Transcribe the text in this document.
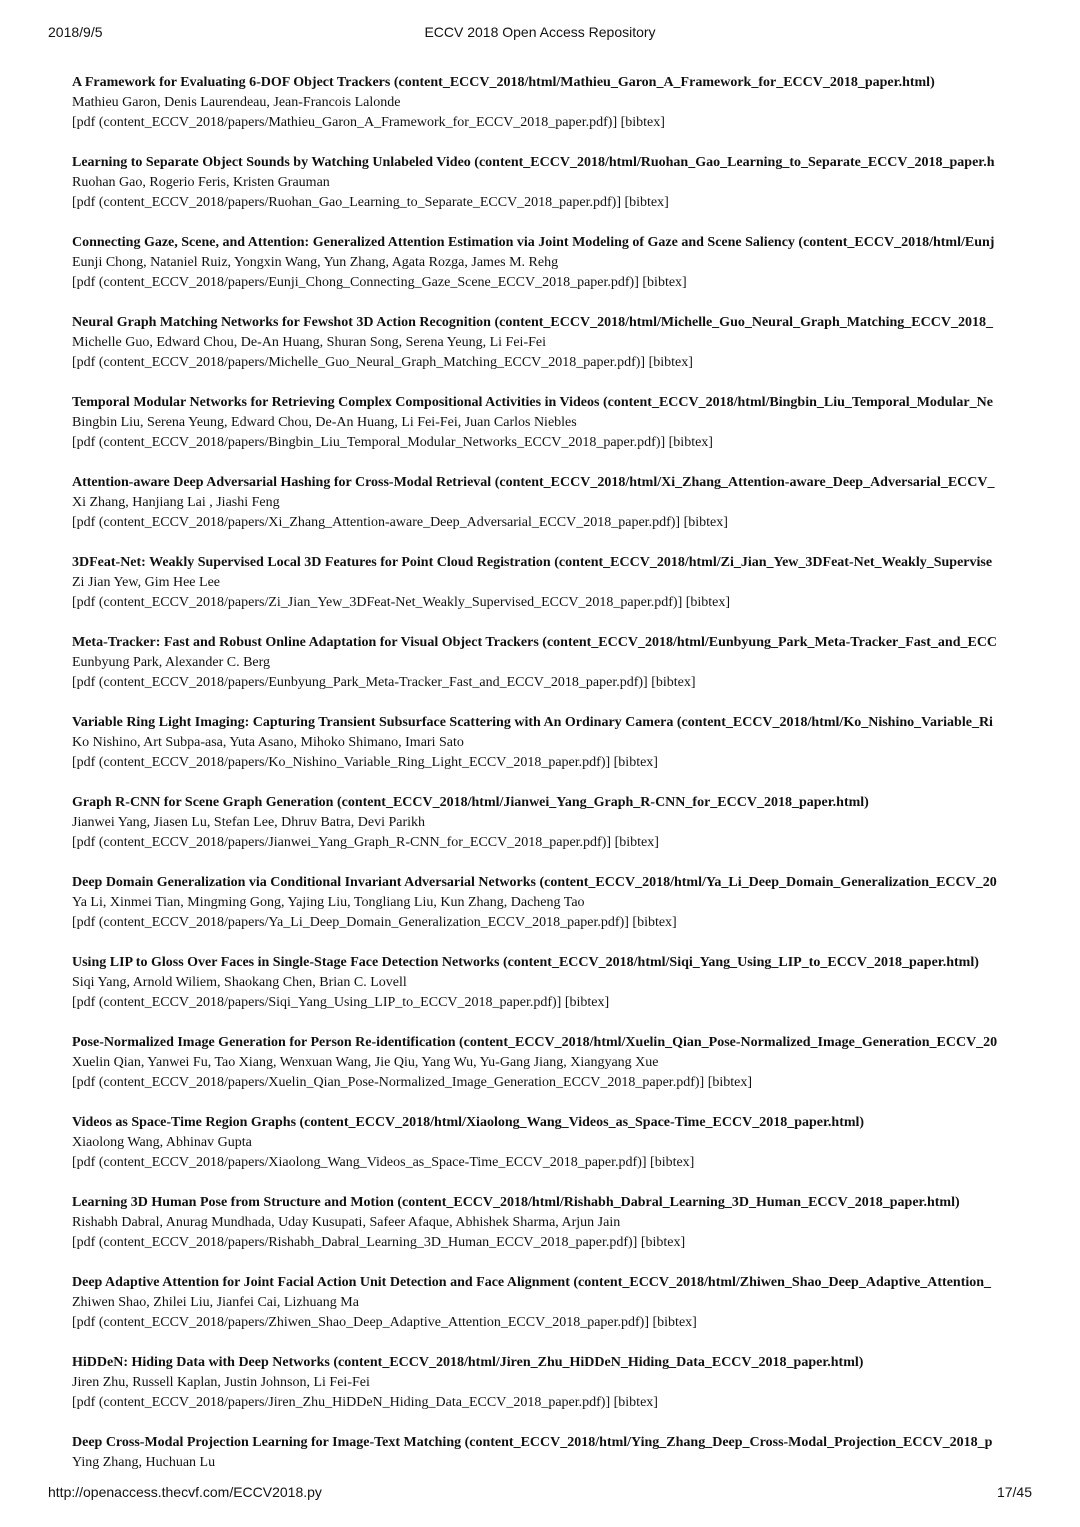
2018/9/5	ECCV 2018 Open Access Repository
A Framework for Evaluating 6-DOF Object Trackers (content_ECCV_2018/html/Mathieu_Garon_A_Framework_for_ECCV_2018_paper.html)
Mathieu Garon, Denis Laurendeau, Jean-Francois Lalonde
[pdf (content_ECCV_2018/papers/Mathieu_Garon_A_Framework_for_ECCV_2018_paper.pdf)] [bibtex]
Learning to Separate Object Sounds by Watching Unlabeled Video (content_ECCV_2018/html/Ruohan_Gao_Learning_to_Separate_ECCV_2018_paper.h
Ruohan Gao, Rogerio Feris, Kristen Grauman
[pdf (content_ECCV_2018/papers/Ruohan_Gao_Learning_to_Separate_ECCV_2018_paper.pdf)] [bibtex]
Connecting Gaze, Scene, and Attention: Generalized Attention Estimation via Joint Modeling of Gaze and Scene Saliency (content_ECCV_2018/html/Eunj
Eunji Chong, Nataniel Ruiz, Yongxin Wang, Yun Zhang, Agata Rozga, James M. Rehg
[pdf (content_ECCV_2018/papers/Eunji_Chong_Connecting_Gaze_Scene_ECCV_2018_paper.pdf)] [bibtex]
Neural Graph Matching Networks for Fewshot 3D Action Recognition (content_ECCV_2018/html/Michelle_Guo_Neural_Graph_Matching_ECCV_2018_
Michelle Guo, Edward Chou, De-An Huang, Shuran Song, Serena Yeung, Li Fei-Fei
[pdf (content_ECCV_2018/papers/Michelle_Guo_Neural_Graph_Matching_ECCV_2018_paper.pdf)] [bibtex]
Temporal Modular Networks for Retrieving Complex Compositional Activities in Videos (content_ECCV_2018/html/Bingbin_Liu_Temporal_Modular_Ne
Bingbin Liu, Serena Yeung, Edward Chou, De-An Huang, Li Fei-Fei, Juan Carlos Niebles
[pdf (content_ECCV_2018/papers/Bingbin_Liu_Temporal_Modular_Networks_ECCV_2018_paper.pdf)] [bibtex]
Attention-aware Deep Adversarial Hashing for Cross-Modal Retrieval (content_ECCV_2018/html/Xi_Zhang_Attention-aware_Deep_Adversarial_ECCV_
Xi Zhang, Hanjiang Lai , Jiashi Feng
[pdf (content_ECCV_2018/papers/Xi_Zhang_Attention-aware_Deep_Adversarial_ECCV_2018_paper.pdf)] [bibtex]
3DFeat-Net: Weakly Supervised Local 3D Features for Point Cloud Registration (content_ECCV_2018/html/Zi_Jian_Yew_3DFeat-Net_Weakly_Supervise
Zi Jian Yew, Gim Hee Lee
[pdf (content_ECCV_2018/papers/Zi_Jian_Yew_3DFeat-Net_Weakly_Supervised_ECCV_2018_paper.pdf)] [bibtex]
Meta-Tracker: Fast and Robust Online Adaptation for Visual Object Trackers (content_ECCV_2018/html/Eunbyung_Park_Meta-Tracker_Fast_and_ECC
Eunbyung Park, Alexander C. Berg
[pdf (content_ECCV_2018/papers/Eunbyung_Park_Meta-Tracker_Fast_and_ECCV_2018_paper.pdf)] [bibtex]
Variable Ring Light Imaging: Capturing Transient Subsurface Scattering with An Ordinary Camera (content_ECCV_2018/html/Ko_Nishino_Variable_Ri
Ko Nishino, Art Subpa-asa, Yuta Asano, Mihoko Shimano, Imari Sato
[pdf (content_ECCV_2018/papers/Ko_Nishino_Variable_Ring_Light_ECCV_2018_paper.pdf)] [bibtex]
Graph R-CNN for Scene Graph Generation (content_ECCV_2018/html/Jianwei_Yang_Graph_R-CNN_for_ECCV_2018_paper.html)
Jianwei Yang, Jiasen Lu, Stefan Lee, Dhruv Batra, Devi Parikh
[pdf (content_ECCV_2018/papers/Jianwei_Yang_Graph_R-CNN_for_ECCV_2018_paper.pdf)] [bibtex]
Deep Domain Generalization via Conditional Invariant Adversarial Networks (content_ECCV_2018/html/Ya_Li_Deep_Domain_Generalization_ECCV_20
Ya Li, Xinmei Tian, Mingming Gong, Yajing Liu, Tongliang Liu, Kun Zhang, Dacheng Tao
[pdf (content_ECCV_2018/papers/Ya_Li_Deep_Domain_Generalization_ECCV_2018_paper.pdf)] [bibtex]
Using LIP to Gloss Over Faces in Single-Stage Face Detection Networks (content_ECCV_2018/html/Siqi_Yang_Using_LIP_to_ECCV_2018_paper.html)
Siqi Yang, Arnold Wiliem, Shaokang Chen, Brian C. Lovell
[pdf (content_ECCV_2018/papers/Siqi_Yang_Using_LIP_to_ECCV_2018_paper.pdf)] [bibtex]
Pose-Normalized Image Generation for Person Re-identification (content_ECCV_2018/html/Xuelin_Qian_Pose-Normalized_Image_Generation_ECCV_20
Xuelin Qian, Yanwei Fu, Tao Xiang, Wenxuan Wang, Jie Qiu, Yang Wu, Yu-Gang Jiang, Xiangyang Xue
[pdf (content_ECCV_2018/papers/Xuelin_Qian_Pose-Normalized_Image_Generation_ECCV_2018_paper.pdf)] [bibtex]
Videos as Space-Time Region Graphs (content_ECCV_2018/html/Xiaolong_Wang_Videos_as_Space-Time_ECCV_2018_paper.html)
Xiaolong Wang, Abhinav Gupta
[pdf (content_ECCV_2018/papers/Xiaolong_Wang_Videos_as_Space-Time_ECCV_2018_paper.pdf)] [bibtex]
Learning 3D Human Pose from Structure and Motion (content_ECCV_2018/html/Rishabh_Dabral_Learning_3D_Human_ECCV_2018_paper.html)
Rishabh Dabral, Anurag Mundhada, Uday Kusupati, Safeer Afaque, Abhishek Sharma, Arjun Jain
[pdf (content_ECCV_2018/papers/Rishabh_Dabral_Learning_3D_Human_ECCV_2018_paper.pdf)] [bibtex]
Deep Adaptive Attention for Joint Facial Action Unit Detection and Face Alignment (content_ECCV_2018/html/Zhiwen_Shao_Deep_Adaptive_Attention_
Zhiwen Shao, Zhilei Liu, Jianfei Cai, Lizhuang Ma
[pdf (content_ECCV_2018/papers/Zhiwen_Shao_Deep_Adaptive_Attention_ECCV_2018_paper.pdf)] [bibtex]
HiDDeN: Hiding Data with Deep Networks (content_ECCV_2018/html/Jiren_Zhu_HiDDeN_Hiding_Data_ECCV_2018_paper.html)
Jiren Zhu, Russell Kaplan, Justin Johnson, Li Fei-Fei
[pdf (content_ECCV_2018/papers/Jiren_Zhu_HiDDeN_Hiding_Data_ECCV_2018_paper.pdf)] [bibtex]
Deep Cross-Modal Projection Learning for Image-Text Matching (content_ECCV_2018/html/Ying_Zhang_Deep_Cross-Modal_Projection_ECCV_2018_p
Ying Zhang, Huchuan Lu
http://openaccess.thecvf.com/ECCV2018.py	17/45
